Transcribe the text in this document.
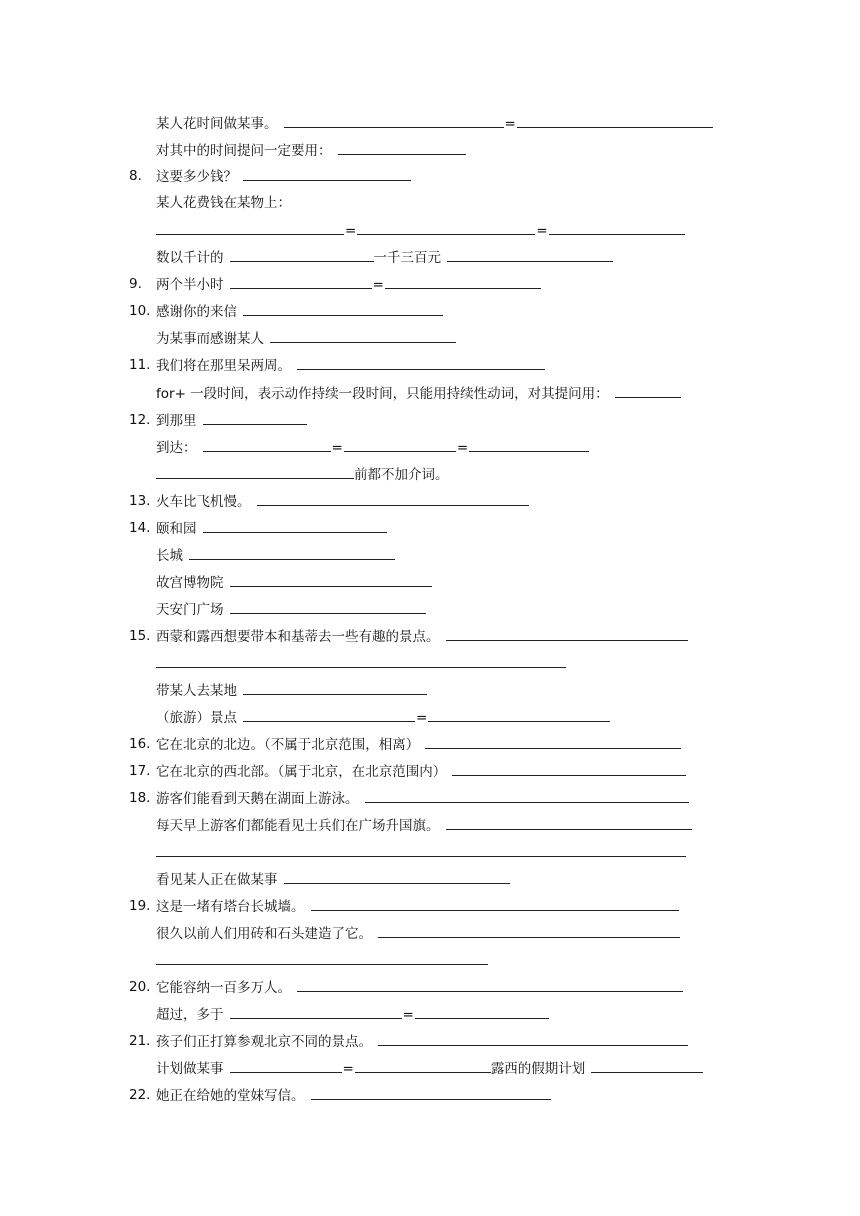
某人花时间做某事。	=
对其中的时间提问一定要用：
8.	这要多少钱？
某人花费钱在某物上：
=	=
数以千计的	一千三百元
9.	两个半小时	=
10. 感谢你的来信
为某事而感谢某人
11. 我们将在那里呆两周。
for+ 一段时间，表示动作持续一段时间，只能用持续性动词，对其提问用：
12. 到那里
到达：	=	=
前都不加介词。
13. 火车比飞机慢。
14. 颐和园
长城
故宫博物院
天安门广场
15. 西蒙和露西想要带本和基蒂去一些有趣的景点。
带某人去某地
（旅游）景点	=
16. 它在北京的北边。（不属于北京范围，相离）
17. 它在北京的西北部。（属于北京，在北京范围内）
18. 游客们能看到天鹅在湖面上游泳。
每天早上游客们都能看见士兵们在广场升国旗。
看见某人正在做某事
19. 这是一堵有塔台长城墙。
很久以前人们用砖和石头建造了它。
20. 它能容纳一百多万人。
超过，多于	=
21. 孩子们正打算参观北京不同的景点。
计划做某事	=	露西的假期计划
22. 她正在给她的堂妹写信。
